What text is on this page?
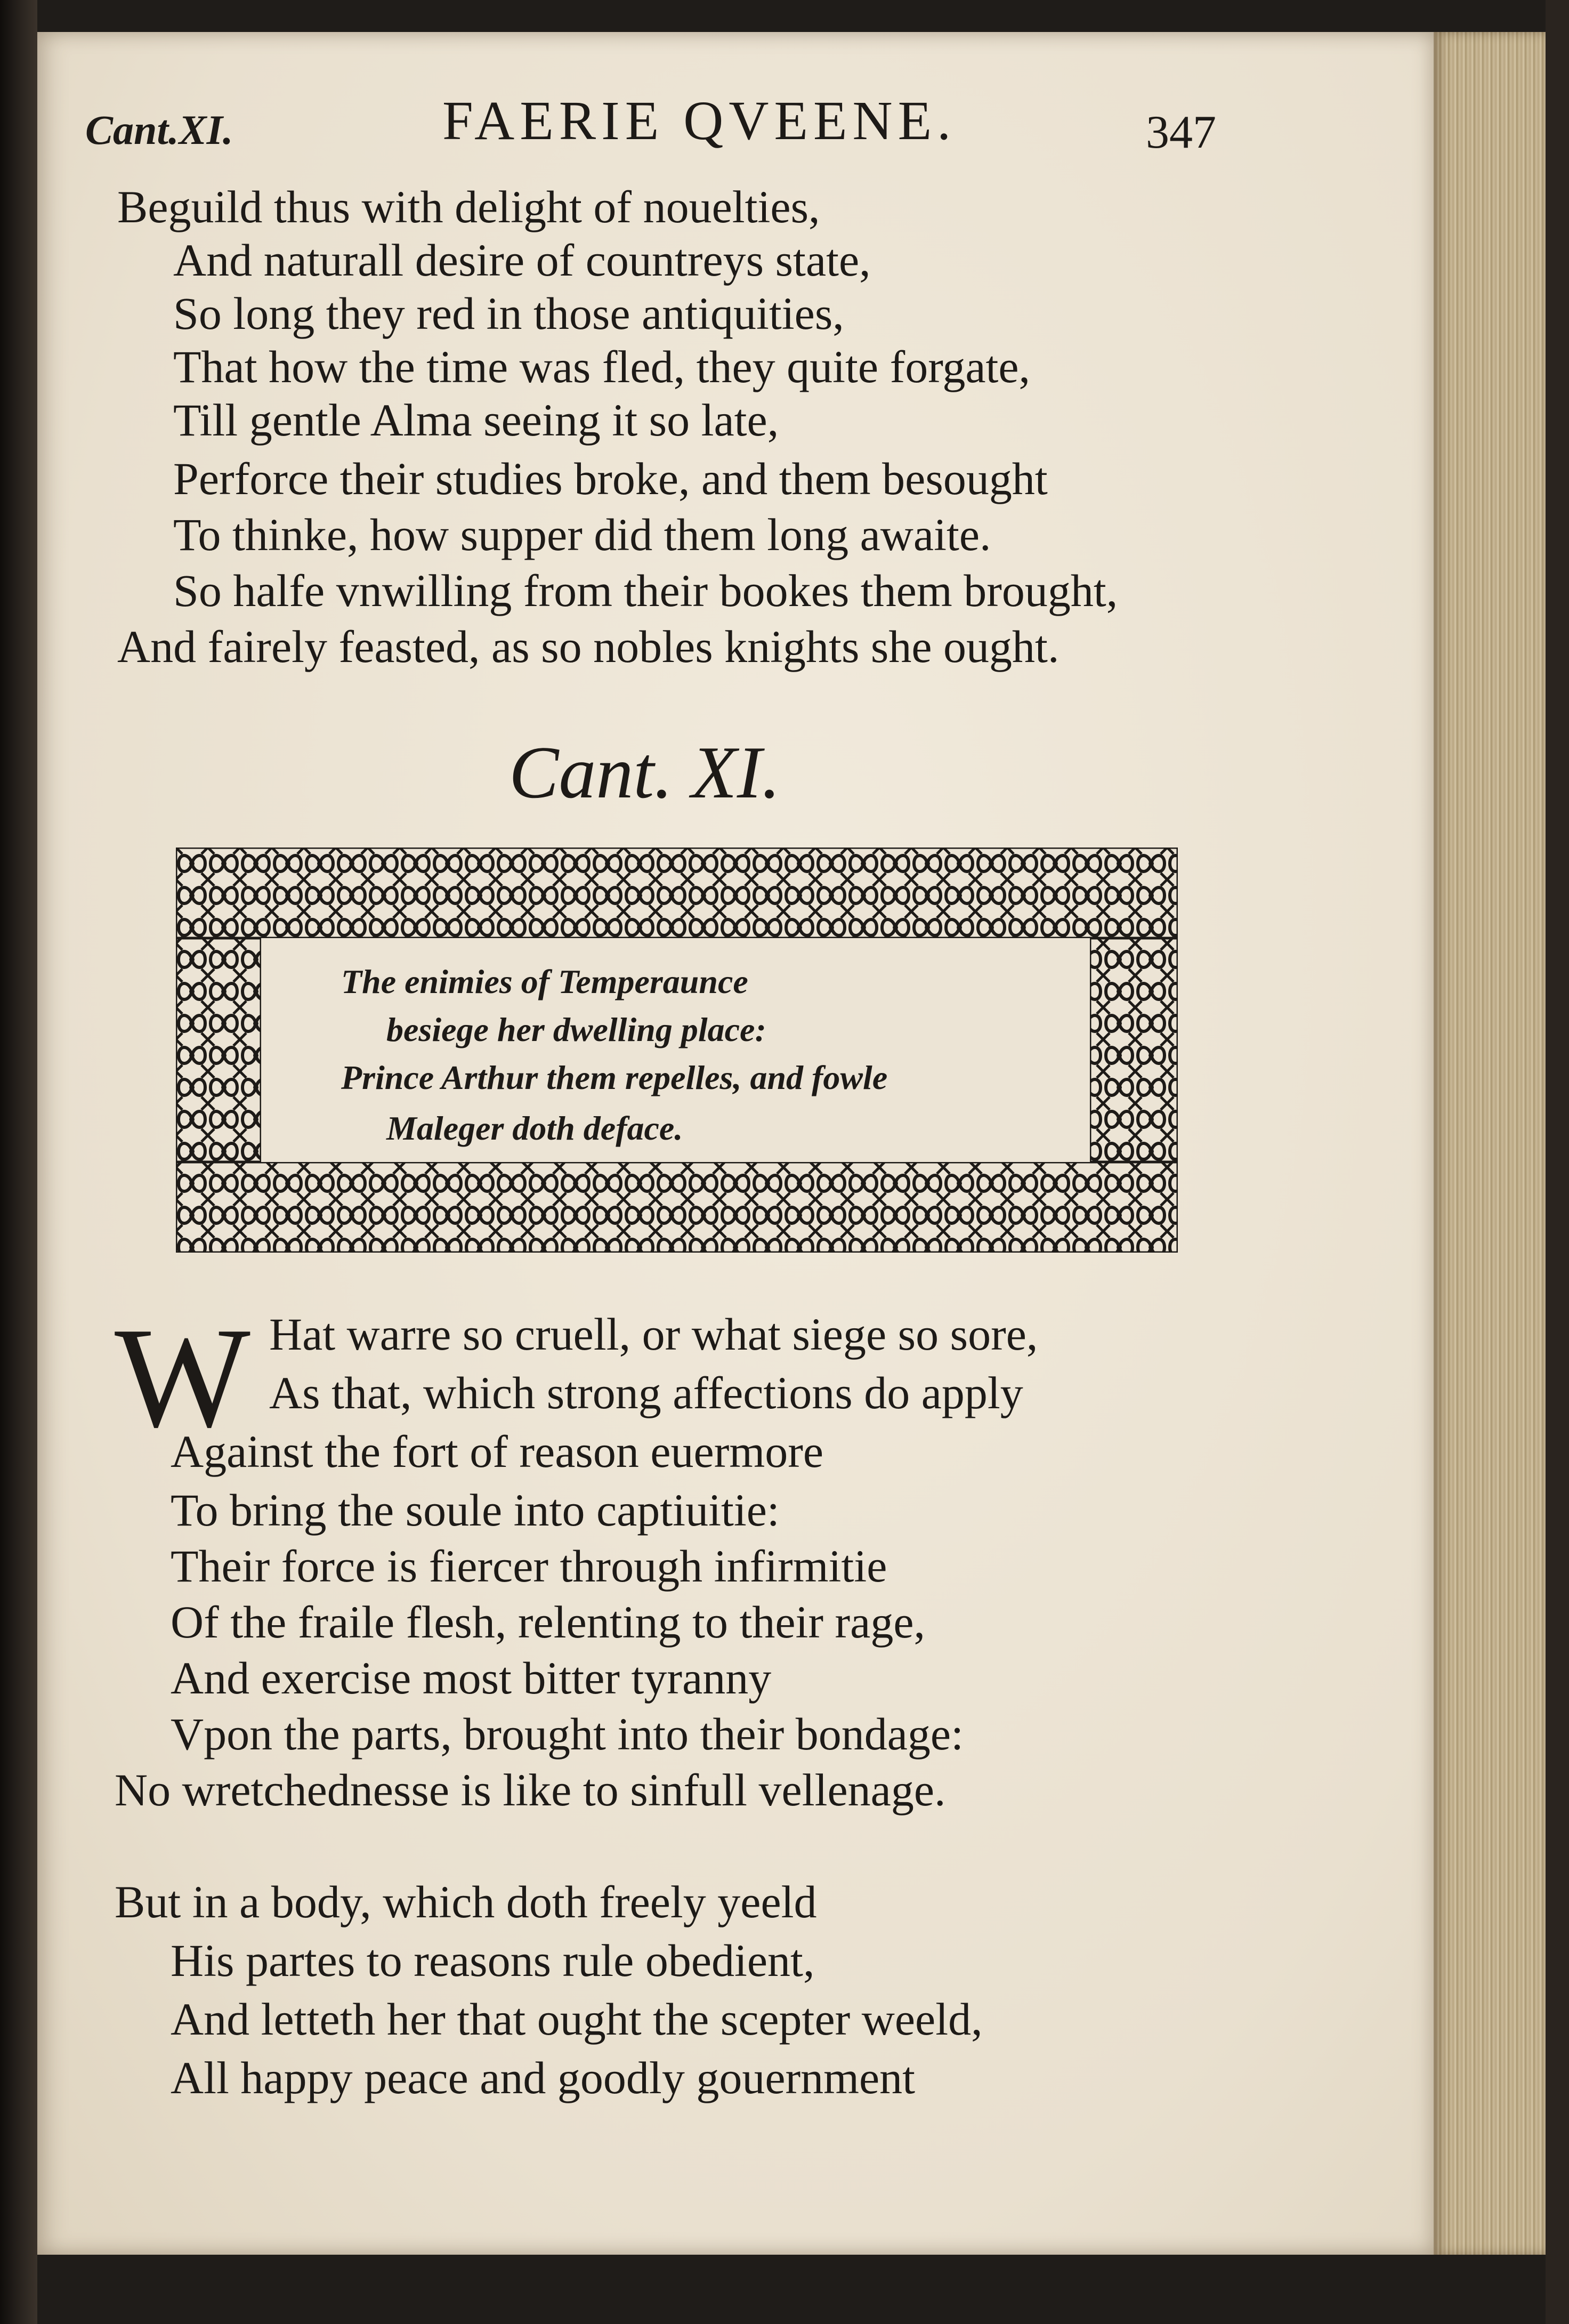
Cant.XI.	FAERIE QVEENE.	347
Beguild thus with delight of nouelties,
And naturall desire of countreys state,
So long they red in those antiquities,
That how the time was fled, they quite forgate,
Till gentle Alma seeing it so late,
Perforce their studies broke, and them besought
To thinke, how supper did them long awaite.
So halfe vnwilling from their bookes them brought,
And fairely feasted, as so nobles knights she ought.
Cant. XI.
The enimies of Temperaunce
besiege her dwelling place:
Prince Arthur them repelles, and fowle
Maleger doth deface.
W Hat warre so cruell, or what siege so sore,
As that, which strong affections do apply
Against the fort of reason euermore
To bring the soule into captiuitie:
Their force is fiercer through infirmitie
Of the fraile flesh, relenting to their rage,
And exercise most bitter tyranny
Vpon the parts, brought into their bondage:
No wretchednesse is like to sinfull vellenage.
But in a body, which doth freely yeeld
His partes to reasons rule obedient,
And letteth her that ought the scepter weeld,
All happy peace and goodly gouernment
